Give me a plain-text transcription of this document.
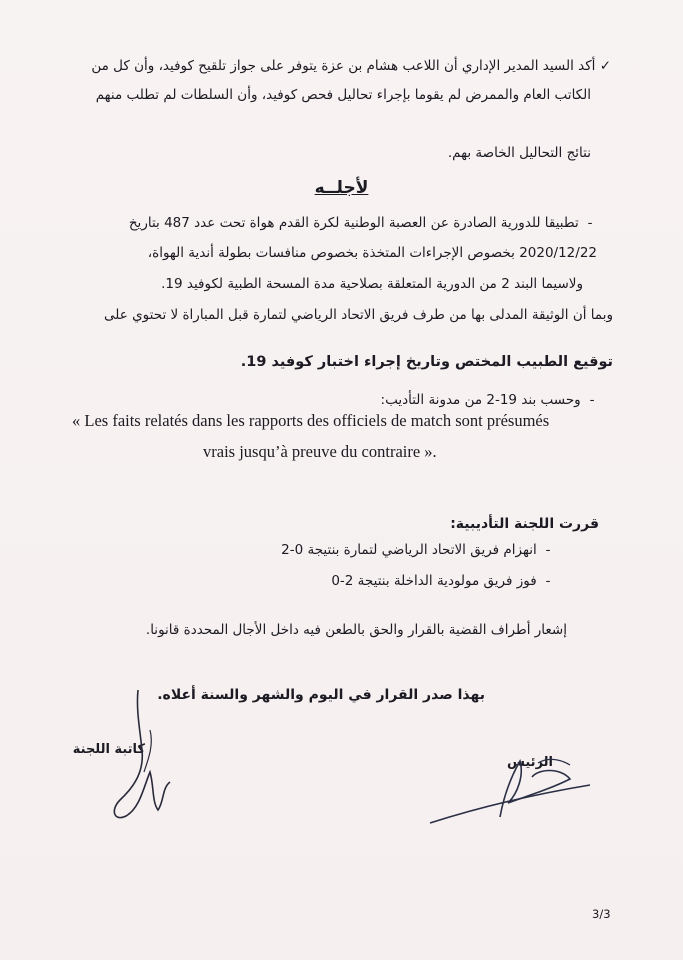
✓ أكد السيد المدير الإداري أن اللاعب هشام بن عزة يتوفر على جواز تلقيح كوفيد، وأن كل من
الكاتب العام والممرض لم يقوما بإجراء تحاليل فحص كوفيد، وأن السلطات لم تطلب منهم
نتائج التحاليل الخاصة بهم.
لأجلــه
- تطبيقا للدورية الصادرة عن العصبة الوطنية لكرة القدم هواة تحت عدد 487 بتاريخ
2020/12/22 بخصوص الإجراءات المتخذة بخصوص منافسات بطولة أندية الهواة،
ولاسيما البند 2 من الدورية المتعلقة بصلاحية مدة المسحة الطبية لكوفيد 19.
وبما أن الوثيقة المدلى بها من طرف فريق الاتحاد الرياضي لتمارة قبل المباراة لا تحتوي على
توقيع الطبيب المختص وتاريخ إجراء اختبار كوفيد 19.
- وحسب بند 19-2 من مدونة التأديب:
« Les faits relatés dans les rapports des officiels de match sont présumés
vrais jusqu’à preuve du contraire ».
قررت اللجنة التأديبية:
- انهزام فريق الاتحاد الرياضي لتمارة بنتيجة 0-2
- فوز فريق مولودية الداخلة بنتيجة 2-0
إشعار أطراف القضية بالقرار والحق بالطعن فيه داخل الأجال المحددة قانونا.
بهذا صدر القرار في اليوم والشهر والسنة أعلاه.
كاتبة اللجنة
الرئيس
3/3
